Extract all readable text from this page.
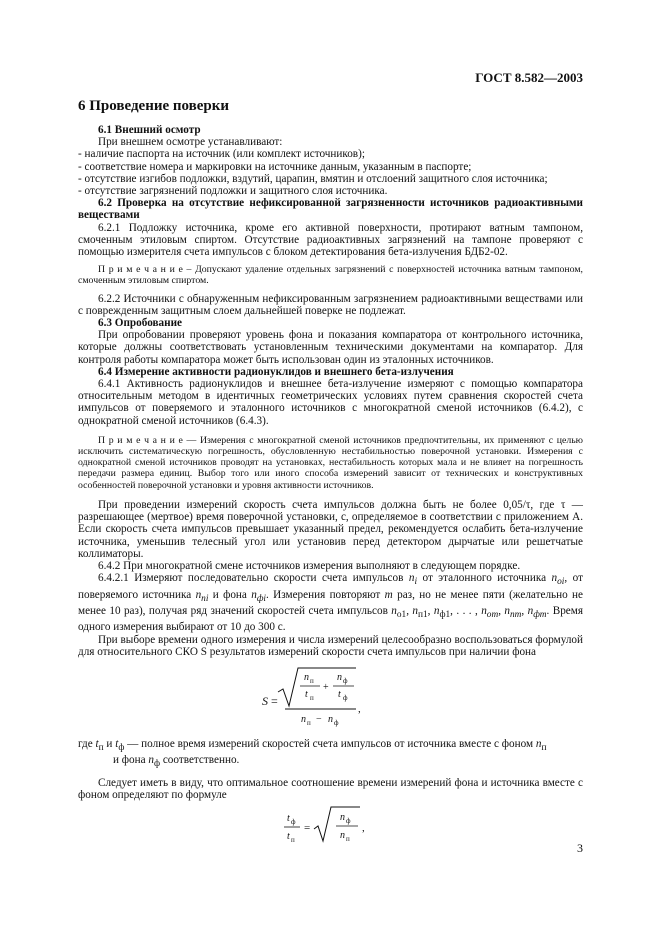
ГОСТ 8.582—2003
6 Проведение поверки

6.1 Внешний осмотр

При внешнем осмотре устанавливают:

- наличие паспорта на источник (или комплект источников);

- соответствие номера и маркировки на источнике данным, указанным в паспорте;

- отсутствие изгибов подложки, вздутий, царапин, вмятин и отслоений защитного слоя источника;

- отсутствие загрязнений подложки и защитного слоя источника.

6.2 Проверка на отсутствие нефиксированной загрязненности источников радиоактивными веществами

6.2.1 Подложку источника, кроме его активной поверхности, протирают ватным тампоном, смоченным этиловым спиртом. Отсутствие радиоактивных загрязнений на тампоне проверяют с помощью измерителя счета импульсов с блоком детектирования бета-излучения БДБ2-02.

П р и м е ч а н и е – Допускают удаление отдельных загрязнений с поверхностей источника ватным тампоном, смоченным этиловым спиртом.

6.2.2 Источники с обнаруженным нефиксированным загрязнением радиоактивными веществами или с поврежденным защитным слоем дальнейшей поверке не подлежат.

6.3 Опробование

При опробовании проверяют уровень фона и показания компаратора от контрольного источника, которые должны соответствовать установленным техническими документами на компаратор. Для контроля работы компаратора может быть использован один из эталонных источников.

6.4 Измерение активности радионуклидов и внешнего бета-излучения

6.4.1 Активность радионуклидов и внешнее бета-излучение измеряют с помощью компаратора относительным методом в идентичных геометрических условиях путем сравнения скоростей счета импульсов от поверяемого и эталонного источников с многократной сменой источников (6.4.2), с однократной сменой источников (6.4.3).

П р и м е ч а н и е — Измерения с многократной сменой источников предпочтительны, их применяют с целью исключить систематическую погрешность, обусловленную нестабильностью поверочной установки. Измерения с однократной сменой источников проводят на установках, нестабильность которых мала и не влияет на погрешность передачи размера единиц. Выбор того или иного способа измерений зависит от технических и конструктивных особенностей поверочной установки и уровня активности источников.

При проведении измерений скорость счета импульсов должна быть не более 0,05/τ, где τ — разрешающее (мертвое) время поверочной установки, с, определяемое в соответствии с приложением А. Если скорость счета импульсов превышает указанный предел, рекомендуется ослабить бета-излучение источника, уменьшив телесный угол или установив перед детектором дырчатые или решетчатые коллиматоры.

6.4.2 При многократной смене источников измерения выполняют в следующем порядке.

6.4.2.1 Измеряют последовательно скорости счета импульсов $n_i$ от эталонного источника $n_{oi}$, от поверяемого источника $n_{пi}$ и фона $n_{фi}$. Измерения повторяют m раз, но не менее пяти (желательно не менее 10 раз), получая ряд значений скоростей счета импульсов $n_{о1}$, $n_{п1}$, $n_{ф1}$, . . . , $n_{om}$, $n_{пm}$, $n_{фm}$. Время одного измерения выбирают от 10 до 300 с.

При выборе времени одного измерения и числа измерений целесообразно воспользоваться формулой для относительного СКО S результатов измерений скорости счета импульсов при наличии фона

S =
n п
t п
+
n ф
t ф
,
n п − n ф

где $t_п$ и $t_ф$ — полное время измерений скоростей счета импульсов от источника вместе с фоном $n_п$

и фона $n_ф$ соответственно.

Следует иметь в виду, что оптимальное соотношение времени измерений фона и источника вместе с фоном определяют по формуле

t ф
t п
=
n ф
n п
,
3
